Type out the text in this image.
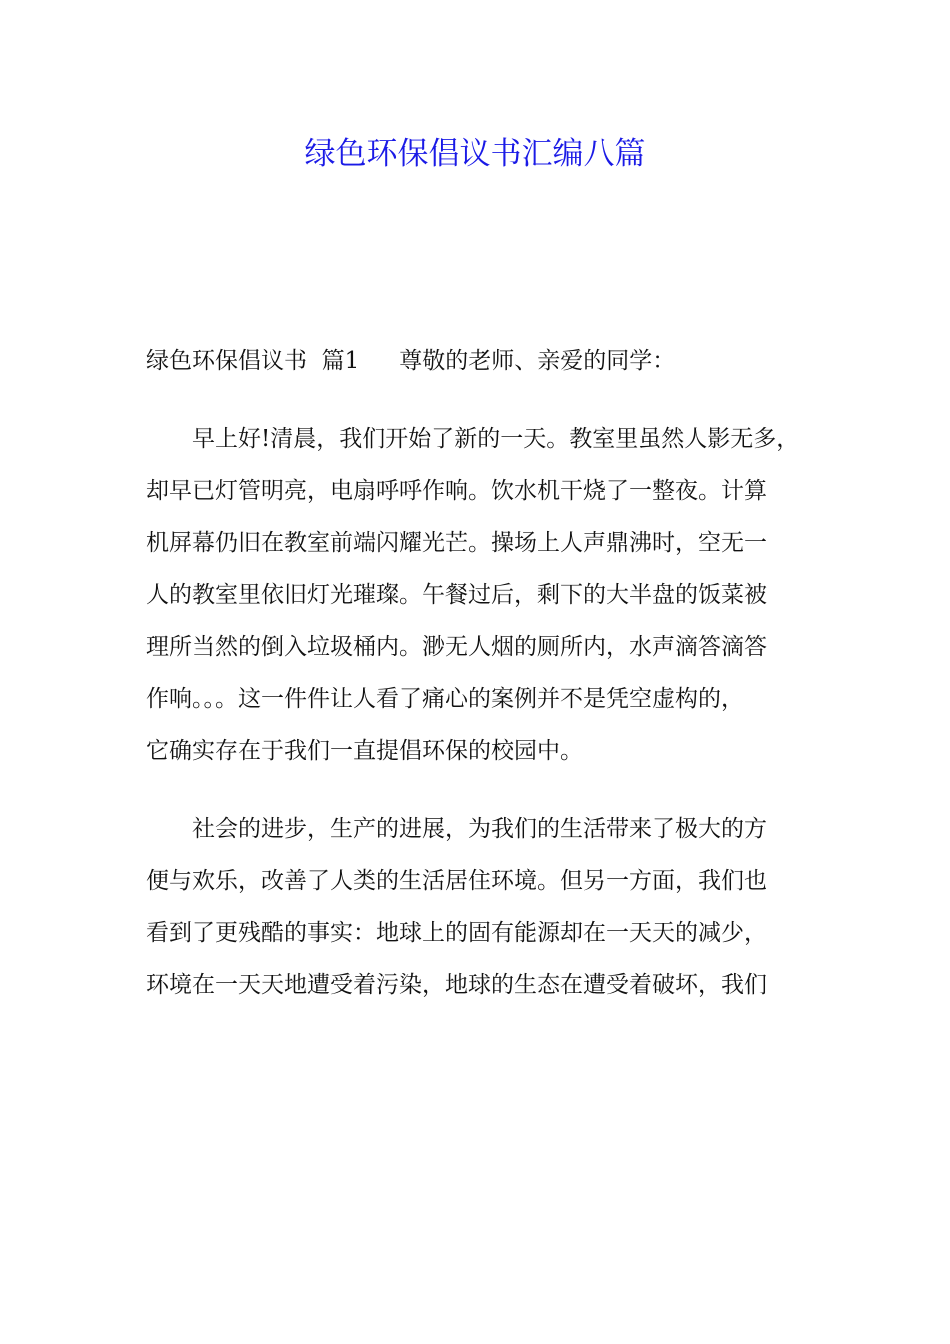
绿色环保倡议书汇编八篇
绿色环保倡议书  篇1 尊敬的老师、亲爱的同学：
早上好!清晨，我们开始了新的一天。教室里虽然人影无多，
却早已灯管明亮，电扇呼呼作响。饮水机干烧了一整夜。计算
机屏幕仍旧在教室前端闪耀光芒。操场上人声鼎沸时，空无一
人的教室里依旧灯光璀璨。午餐过后，剩下的大半盘的饭菜被
理所当然的倒入垃圾桶内。渺无人烟的厕所内，水声滴答滴答
作响。。。这一件件让人看了痛心的案例并不是凭空虚构的，
它确实存在于我们一直提倡环保的校园中。
社会的进步，生产的进展，为我们的生活带来了极大的方
便与欢乐，改善了人类的生活居住环境。但另一方面，我们也
看到了更残酷的事实：地球上的固有能源却在一天天的减少，
环境在一天天地遭受着污染，地球的生态在遭受着破坏，我们
